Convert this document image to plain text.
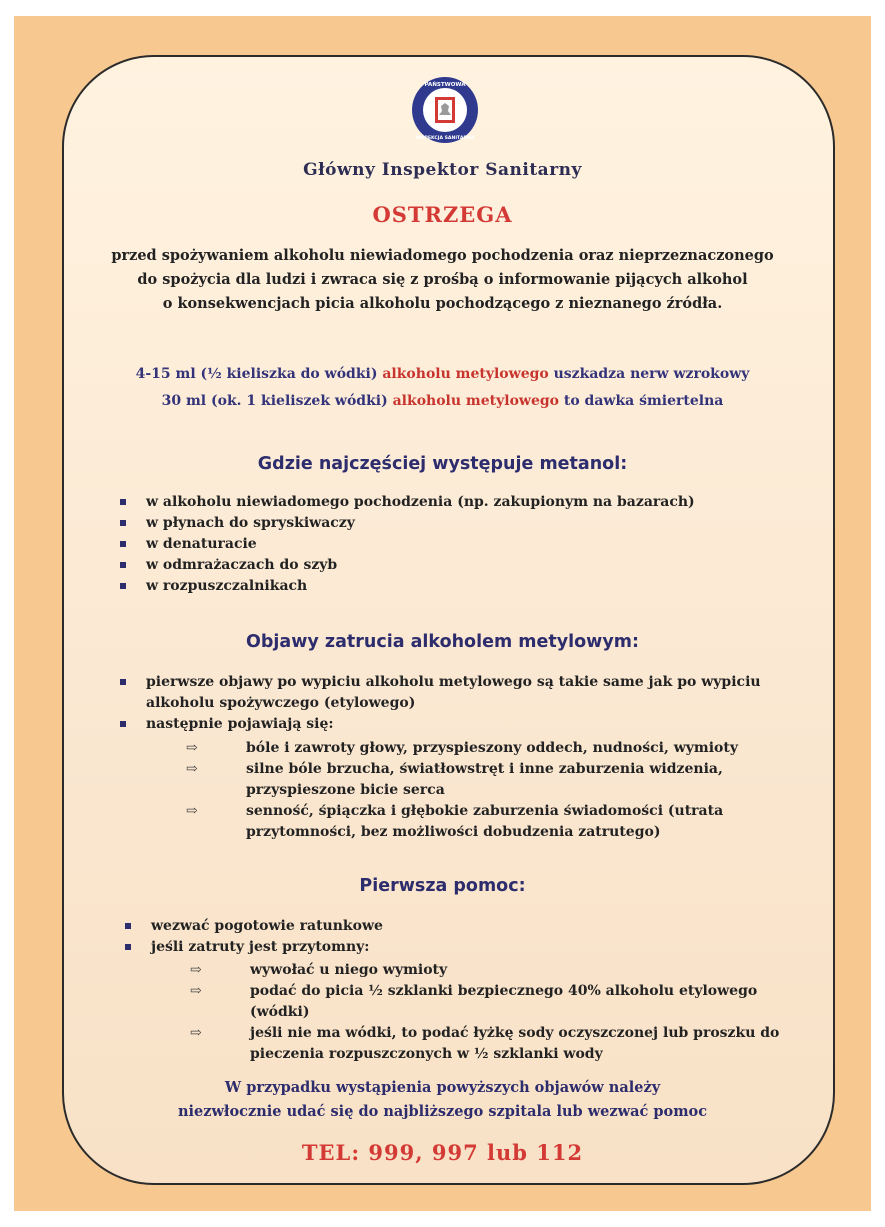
PAŃSTWOWA
INSPEKCJA SANITARNA
Główny Inspektor Sanitarny
OSTRZEGA
przed spożywaniem alkoholu niewiadomego pochodzenia oraz nieprzeznaczonego
do spożycia dla ludzi i zwraca się z prośbą o informowanie pijących alkohol
o konsekwencjach picia alkoholu pochodzącego z nieznanego źródła.
4-15 ml (½ kieliszka do wódki) alkoholu metylowego uszkadza nerw wzrokowy
30 ml (ok. 1 kieliszek wódki) alkoholu metylowego to dawka śmiertelna
Gdzie najczęściej występuje metanol:
w alkoholu niewiadomego pochodzenia (np. zakupionym na bazarach)
w płynach do spryskiwaczy
w denaturacie
w odmrażaczach do szyb
w rozpuszczalnikach
Objawy zatrucia alkoholem metylowym:
pierwsze objawy po wypiciu alkoholu metylowego są takie same jak po wypiciu alkoholu spożywczego (etylowego)
następnie pojawiają się:
⇨	bóle i zawroty głowy, przyspieszony oddech, nudności, wymioty
⇨	silne bóle brzucha, światłowstręt i inne zaburzenia widzenia, przyspieszone bicie serca
⇨	senność, śpiączka i głębokie zaburzenia świadomości (utrata przytomności, bez możliwości dobudzenia zatrutego)
Pierwsza pomoc:
wezwać pogotowie ratunkowe
jeśli zatruty jest przytomny:
⇨	wywołać u niego wymioty
⇨	podać do picia ½ szklanki bezpiecznego 40% alkoholu etylowego (wódki)
⇨	jeśli nie ma wódki, to podać łyżkę sody oczyszczonej lub proszku do pieczenia rozpuszczonych w ½ szklanki wody
W przypadku wystąpienia powyższych objawów należy
niezwłocznie udać się do najbliższego szpitala lub wezwać pomoc
TEL: 999, 997 lub 112
